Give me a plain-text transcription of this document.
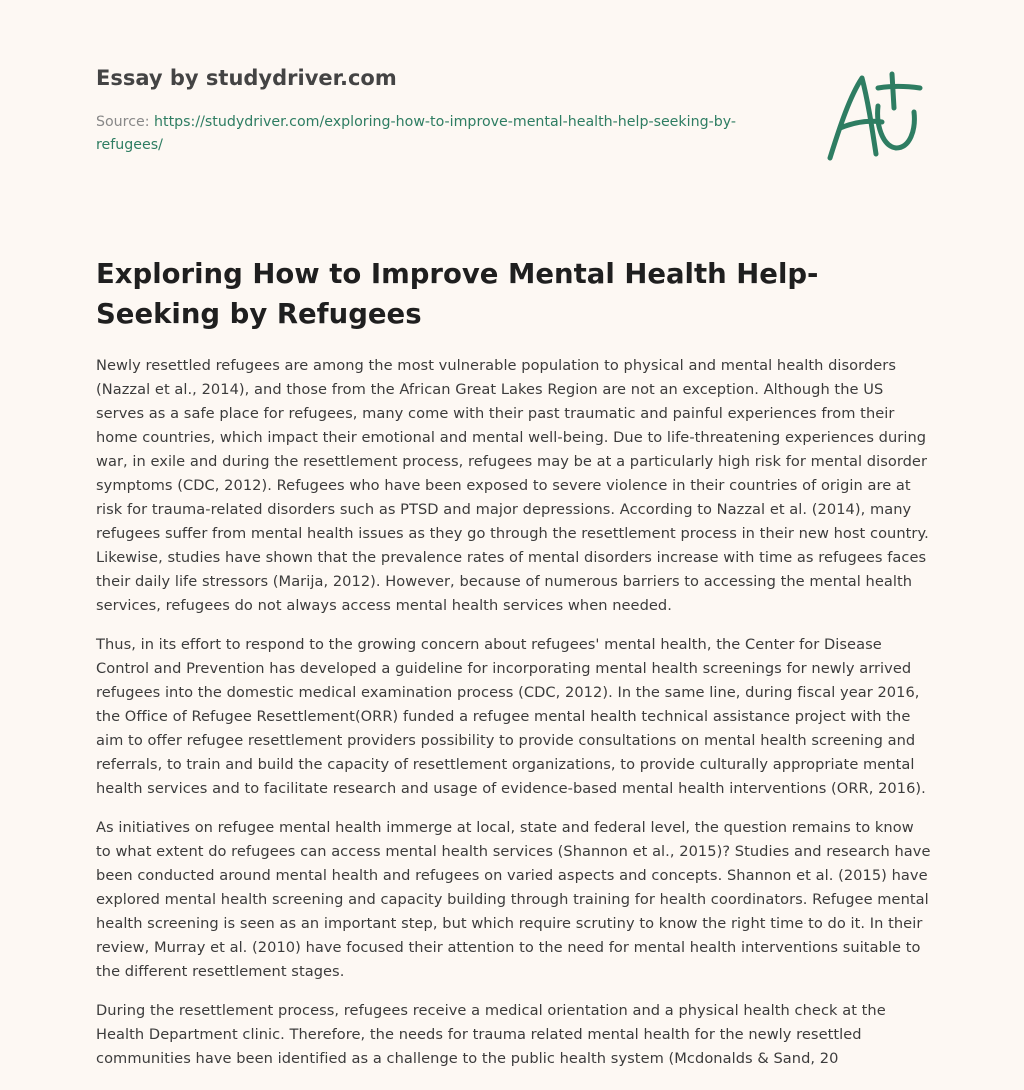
Essay by studydriver.com
Source: https://studydriver.com/exploring-how-to-improve-mental-health-help-seeking-by-refugees/
Exploring How to Improve Mental Health Help-Seeking by Refugees

Newly resettled refugees are among the most vulnerable population to physical and mental health disorders (Nazzal et al., 2014), and those from the African Great Lakes Region are not an exception. Although the US serves as a safe place for refugees, many come with their past traumatic and painful experiences from their home countries, which impact their emotional and mental well-being. Due to life-threatening experiences during war, in exile and during the resettlement process, refugees may be at a particularly high risk for mental disorder symptoms (CDC, 2012). Refugees who have been exposed to severe violence in their countries of origin are at risk for trauma-related disorders such as PTSD and major depressions. According to Nazzal et al. (2014), many refugees suffer from mental health issues as they go through the resettlement process in their new host country. Likewise, studies have shown that the prevalence rates of mental disorders increase with time as refugees faces their daily life stressors (Marija, 2012). However, because of numerous barriers to accessing the mental health services, refugees do not always access mental health services when needed.

Thus, in its effort to respond to the growing concern about refugees' mental health, the Center for Disease Control and Prevention has developed a guideline for incorporating mental health screenings for newly arrived refugees into the domestic medical examination process (CDC, 2012). In the same line, during fiscal year 2016, the Office of Refugee Resettlement(ORR) funded a refugee mental health technical assistance project with the aim to offer refugee resettlement providers possibility to provide consultations on mental health screening and referrals, to train and build the capacity of resettlement organizations, to provide culturally appropriate mental health services and to facilitate research and usage of evidence-based mental health interventions (ORR, 2016).

As initiatives on refugee mental health immerge at local, state and federal level, the question remains to know to what extent do refugees can access mental health services (Shannon et al., 2015)? Studies and research have been conducted around mental health and refugees on varied aspects and concepts. Shannon et al. (2015) have explored mental health screening and capacity building through training for health coordinators. Refugee mental health screening is seen as an important step, but which require scrutiny to know the right time to do it. In their review, Murray et al. (2010) have focused their attention to the need for mental health interventions suitable to the different resettlement stages.

During the resettlement process, refugees receive a medical orientation and a physical health check at the Health Department clinic. Therefore, the needs for trauma related mental health for the newly resettled communities have been identified as a challenge to the public health system (Mcdonalds & Sand, 20
